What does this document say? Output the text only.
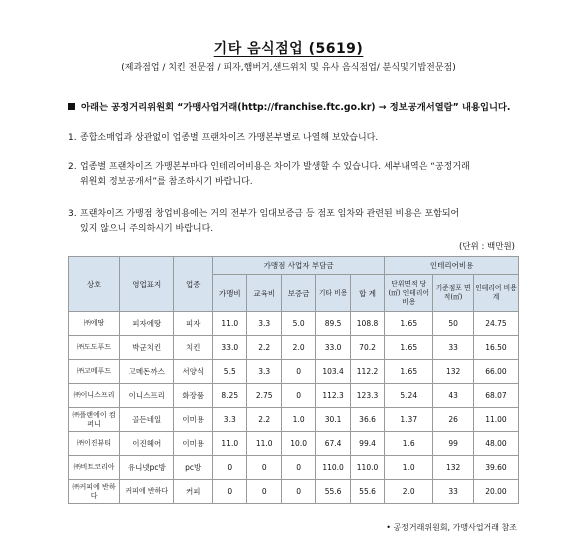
기타 음식점업 (5619)
(제과점업 / 치킨 전문점 / 피자,햄버거,샌드위치 및 유사 음식점업/ 분식및기밥전문점)
아래는 공정거리위원회 “가맹사업거래(http://franchise.ftc.go.kr) → 정보공개서열람” 내용입니다.
1. 종합소매업과 상관없이 업종별 프랜차이즈 가맹본부별로 나열해 보았습니다.
2. 업종별 프랜차이즈 가맹본부마다 인테리어비용은 차이가 발생할 수 있습니다. 세부내역은 “공정거래
위원회 정보공개서”를 참조하시기 바랍니다.
3. 프랜차이즈 가맹점 창업비용에는 거의 전부가 임대보증금 등 점포 임차와 관련된 비용은 포함되어
있지 않으니 주의하시기 바랍니다.
(단위 : 백만원)
상호	영업표지	업종	가맹점 사업자 부담금					인테리어비용		
			가맹비	교육비	보증금	기타 비용	합 계	단위면적 당(㎡) 인테리어 비용	기준점포 면적(㎡)	인테리어 비용 계
㈜에땅	피자에땅	피자	11.0	3.3	5.0	89.5	108.8	1.65	50	24.75
㈜도도푸드	박군치킨	치킨	33.0	2.2	2.0	33.0	70.2	1.65	33	16.50
㈜고메푸드	고메돈까스	서양식	5.5	3.3	0	103.4	112.2	1.65	132	66.00
㈜이니스프리	이니스프리	화장품	8.25	2.75	0	112.3	123.3	5.24	43	68.07
㈜플랜에이 컴퍼니	골든네일	이미용	3.3	2.2	1.0	30.1	36.6	1.37	26	11.00
㈜이진뷰티	이진헤어	이미용	11.0	11.0	10.0	67.4	99.4	1.6	99	48.00
㈜비트코리아	유니넷pc방	pc방	0	0	0	110.0	110.0	1.0	132	39.60
㈜커피에 반하다	커피에 반하다	커피	0	0	0	55.6	55.6	2.0	33	20.00
• 공정거래위원회, 가맹사업거래 참조
